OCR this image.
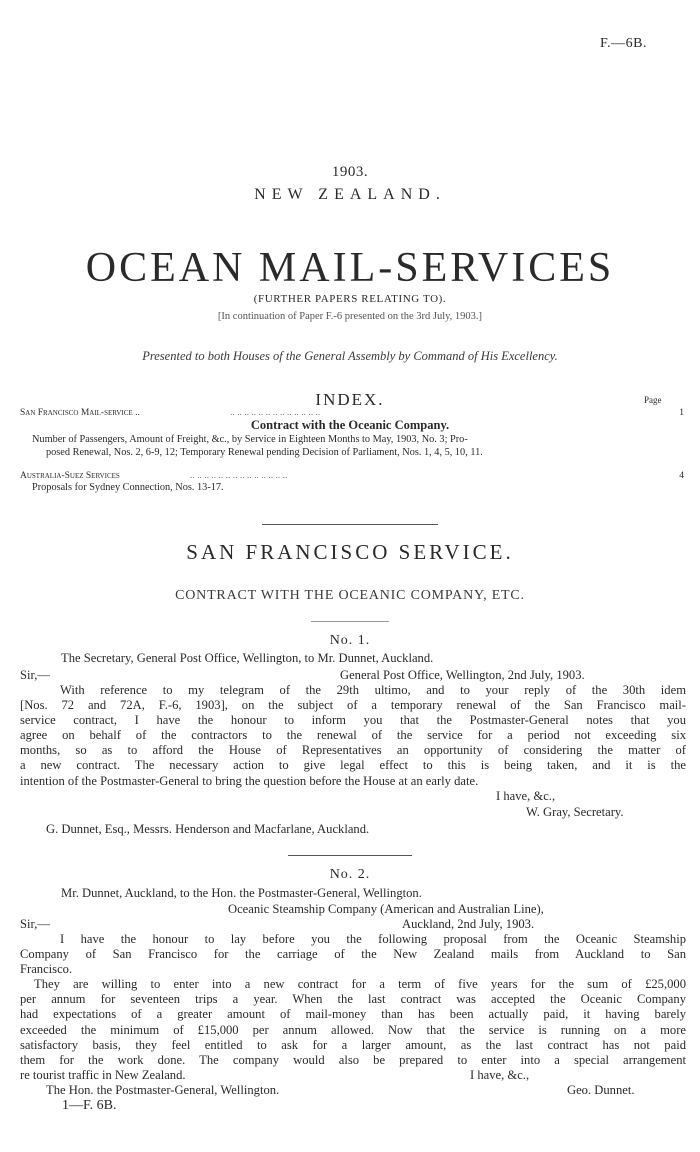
F.—6B.
1903.
NEW ZEALAND.
OCEAN MAIL-SERVICES
(FURTHER PAPERS RELATING TO).
[In continuation of Paper F.-6 presented on the 3rd July, 1903.]
Presented to both Houses of the General Assembly by Command of His Excellency.
INDEX.	Page
San Francisco Mail-service ..	.. .. .. .. .. .. .. .. .. .. .. .. ..	1
Contract with the Oceanic Company.
Number of Passengers, Amount of Freight, &c., by Service in Eighteen Months to May, 1903, No. 3; Pro-
posed Renewal, Nos. 2, 6-9, 12; Temporary Renewal pending Decision of Parliament, Nos. 1, 4, 5, 10, 11.
Australia-Suez Services	.. .. .. .. .. .. .. .. .. .. .. .. .. ..	4
Proposals for Sydney Connection, Nos. 13-17.
SAN FRANCISCO SERVICE.
CONTRACT WITH THE OCEANIC COMPANY, ETC.
No. 1.
The Secretary, General Post Office, Wellington, to Mr. Dunnet, Auckland.
Sir,—	General Post Office, Wellington, 2nd July, 1903.
With reference to my telegram of the 29th ultimo, and to your reply of the 30th idem
[Nos. 72 and 72A, F.-6, 1903], on the subject of a temporary renewal of the San Francisco mail-
service contract, I have the honour to inform you that the Postmaster-General notes that you
agree on behalf of the contractors to the renewal of the service for a period not exceeding six
months, so as to afford the House of Representatives an opportunity of considering the matter of
a new contract. The necessary action to give legal effect to this is being taken, and it is the
intention of the Postmaster-General to bring the question before the House at an early date.
I have, &c.,
W. Gray, Secretary.
G. Dunnet, Esq., Messrs. Henderson and Macfarlane, Auckland.
No. 2.
Mr. Dunnet, Auckland, to the Hon. the Postmaster-General, Wellington.
Oceanic Steamship Company (American and Australian Line),
Sir,—	Auckland, 2nd July, 1903.
I have the honour to lay before you the following proposal from the Oceanic Steamship
Company of San Francisco for the carriage of the New Zealand mails from Auckland to San
Francisco.
They are willing to enter into a new contract for a term of five years for the sum of £25,000
per annum for seventeen trips a year. When the last contract was accepted the Oceanic Company
had expectations of a greater amount of mail-money than has been actually paid, it having barely
exceeded the minimum of £15,000 per annum allowed. Now that the service is running on a more
satisfactory basis, they feel entitled to ask for a larger amount, as the last contract has not paid
them for the work done. The company would also be prepared to enter into a special arrangement
re tourist traffic in New Zealand.	I have, &c.,
The Hon. the Postmaster-General, Wellington.	Geo. Dunnet.
1—F. 6B.
